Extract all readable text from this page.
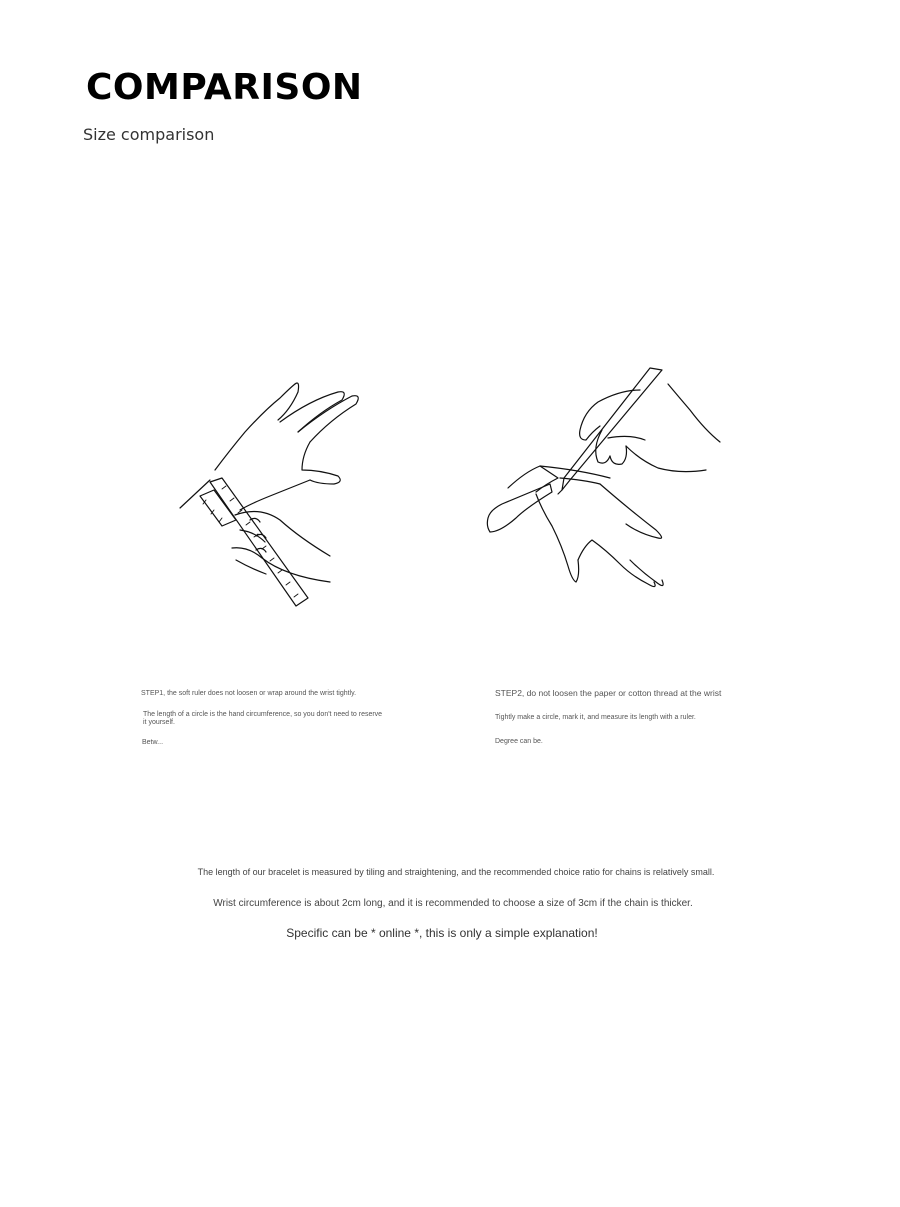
COMPARISON
Size comparison
STEP1, the soft ruler does not loosen or wrap around the wrist tightly.
The length of a circle is the hand circumference, so you don't need to reserve it yourself.
Betw...
STEP2, do not loosen the paper or cotton thread at the wrist
Tightly make a circle, mark it, and measure its length with a ruler.
Degree can be.
The length of our bracelet is measured by tiling and straightening, and the recommended choice ratio for chains is relatively small.
Wrist circumference is about 2cm long, and it is recommended to choose a size of 3cm if the chain is thicker.
Specific can be * online *, this is only a simple explanation!
